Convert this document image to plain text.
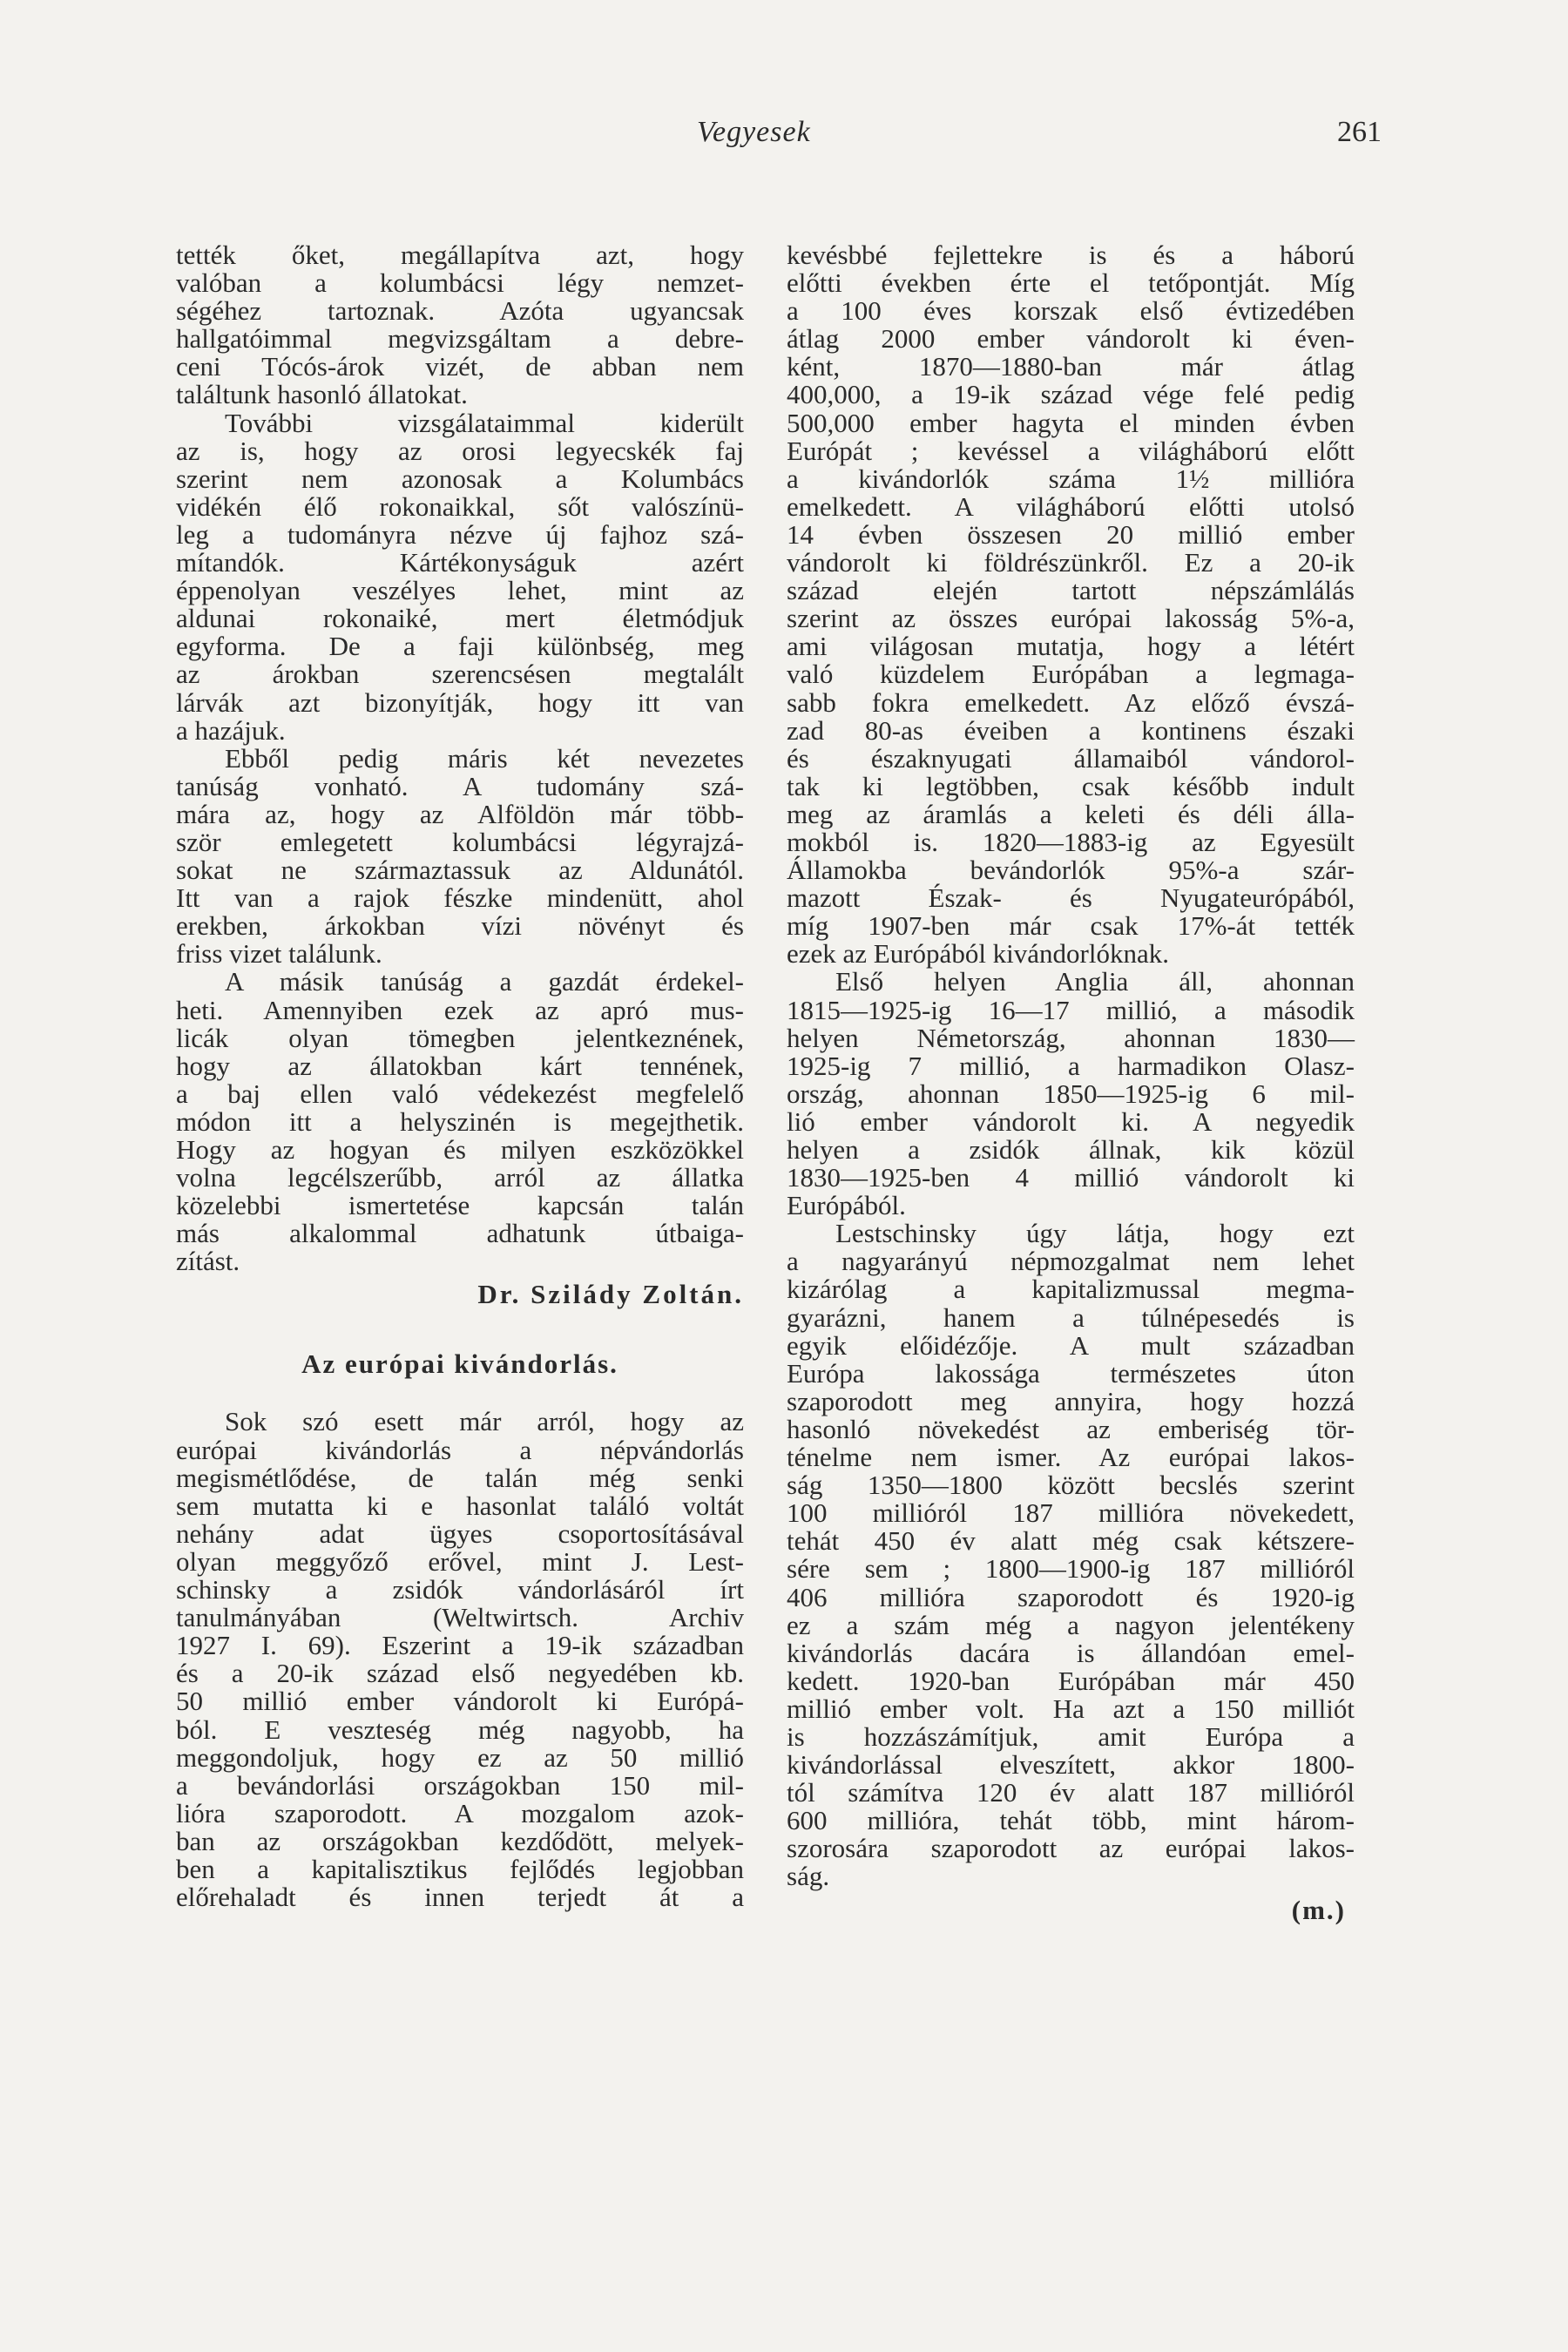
Vegyesek	261
tették őket, megállapítva azt, hogy
valóban a kolumbácsi légy nemzet-
ségéhez tartoznak. Azóta ugyancsak
hallgatóimmal megvizsgáltam a debre-
ceni Tócós-árok vizét, de abban nem
találtunk hasonló állatokat.
További vizsgálataimmal kiderült
az is, hogy az orosi legyecskék faj
szerint nem azonosak a Kolumbács
vidékén élő rokonaikkal, sőt valószínü-
leg a tudományra nézve új fajhoz szá-
mítandók. Kártékonyságuk azért
éppenolyan veszélyes lehet, mint az
aldunai rokonaiké, mert életmódjuk
egyforma. De a faji különbség, meg
az árokban szerencsésen megtalált
lárvák azt bizonyítják, hogy itt van
a hazájuk.
Ebből pedig máris két nevezetes
tanúság vonható. A tudomány szá-
mára az, hogy az Alföldön már több-
ször emlegetett kolumbácsi légyrajzá-
sokat ne származtassuk az Aldunától.
Itt van a rajok fészke mindenütt, ahol
erekben, árkokban vízi növényt és
friss vizet találunk.
A másik tanúság a gazdát érdekel-
heti. Amennyiben ezek az apró mus-
licák olyan tömegben jelentkeznének,
hogy az állatokban kárt tennének,
a baj ellen való védekezést megfelelő
módon itt a helyszinén is megejthetik.
Hogy az hogyan és milyen eszközökkel
volna legcélszerűbb, arról az állatka
közelebbi ismertetése kapcsán talán
más alkalommal adhatunk útbaiga-
zítást.
Dr. Szilády Zoltán.
Az európai kivándorlás.
Sok szó esett már arról, hogy az
európai kivándorlás a népvándorlás
megismétlődése, de talán még senki
sem mutatta ki e hasonlat találó voltát
nehány adat ügyes csoportosításával
olyan meggyőző erővel, mint J. Lest-
schinsky a zsidók vándorlásáról írt
tanulmányában (Weltwirtsch. Archiv
1927 I. 69). Eszerint a 19-ik században
és a 20-ik század első negyedében kb.
50 millió ember vándorolt ki Európá-
ból. E veszteség még nagyobb, ha
meggondoljuk, hogy ez az 50 millió
a bevándorlási országokban 150 mil-
lióra szaporodott. A mozgalom azok-
ban az országokban kezdődött, melyek-
ben a kapitalisztikus fejlődés legjobban
előrehaladt és innen terjedt át a
kevésbbé fejlettekre is és a háború
előtti években érte el tetőpontját. Míg
a 100 éves korszak első évtizedében
átlag 2000 ember vándorolt ki éven-
ként, 1870—1880-ban már átlag
400,000, a 19-ik század vége felé pedig
500,000 ember hagyta el minden évben
Európát ; kevéssel a világháború előtt
a kivándorlók száma 1½ millióra
emelkedett. A világháború előtti utolsó
14 évben összesen 20 millió ember
vándorolt ki földrészünkről. Ez a 20-ik
század elején tartott népszámlálás
szerint az összes európai lakosság 5%-a,
ami világosan mutatja, hogy a létért
való küzdelem Európában a legmaga-
sabb fokra emelkedett. Az előző évszá-
zad 80-as éveiben a kontinens északi
és északnyugati államaiból vándorol-
tak ki legtöbben, csak később indult
meg az áramlás a keleti és déli álla-
mokból is. 1820—1883-ig az Egyesült
Államokba bevándorlók 95%-a szár-
mazott Észak- és Nyugateurópából,
míg 1907-ben már csak 17%-át tették
ezek az Európából kivándorlóknak.
Első helyen Anglia áll, ahonnan
1815—1925-ig 16—17 millió, a második
helyen Németország, ahonnan 1830—
1925-ig 7 millió, a harmadikon Olasz-
ország, ahonnan 1850—1925-ig 6 mil-
lió ember vándorolt ki. A negyedik
helyen a zsidók állnak, kik közül
1830—1925-ben 4 millió vándorolt ki
Európából.
Lestschinsky úgy látja, hogy ezt
a nagyarányú népmozgalmat nem lehet
kizárólag a kapitalizmussal megma-
gyarázni, hanem a túlnépesedés is
egyik előidézője. A mult században
Európa lakossága természetes úton
szaporodott meg annyira, hogy hozzá
hasonló növekedést az emberiség tör-
ténelme nem ismer. Az európai lakos-
ság 1350—1800 között becslés szerint
100 millióról 187 millióra növekedett,
tehát 450 év alatt még csak kétszere-
sére sem ; 1800—1900-ig 187 millióról
406 millióra szaporodott és 1920-ig
ez a szám még a nagyon jelentékeny
kivándorlás dacára is állandóan emel-
kedett. 1920-ban Európában már 450
millió ember volt. Ha azt a 150 milliót
is hozzászámítjuk, amit Európa a
kivándorlással elveszített, akkor 1800-
tól számítva 120 év alatt 187 millióról
600 millióra, tehát több, mint három-
szorosára szaporodott az európai lakos-
ság.
(m.)
